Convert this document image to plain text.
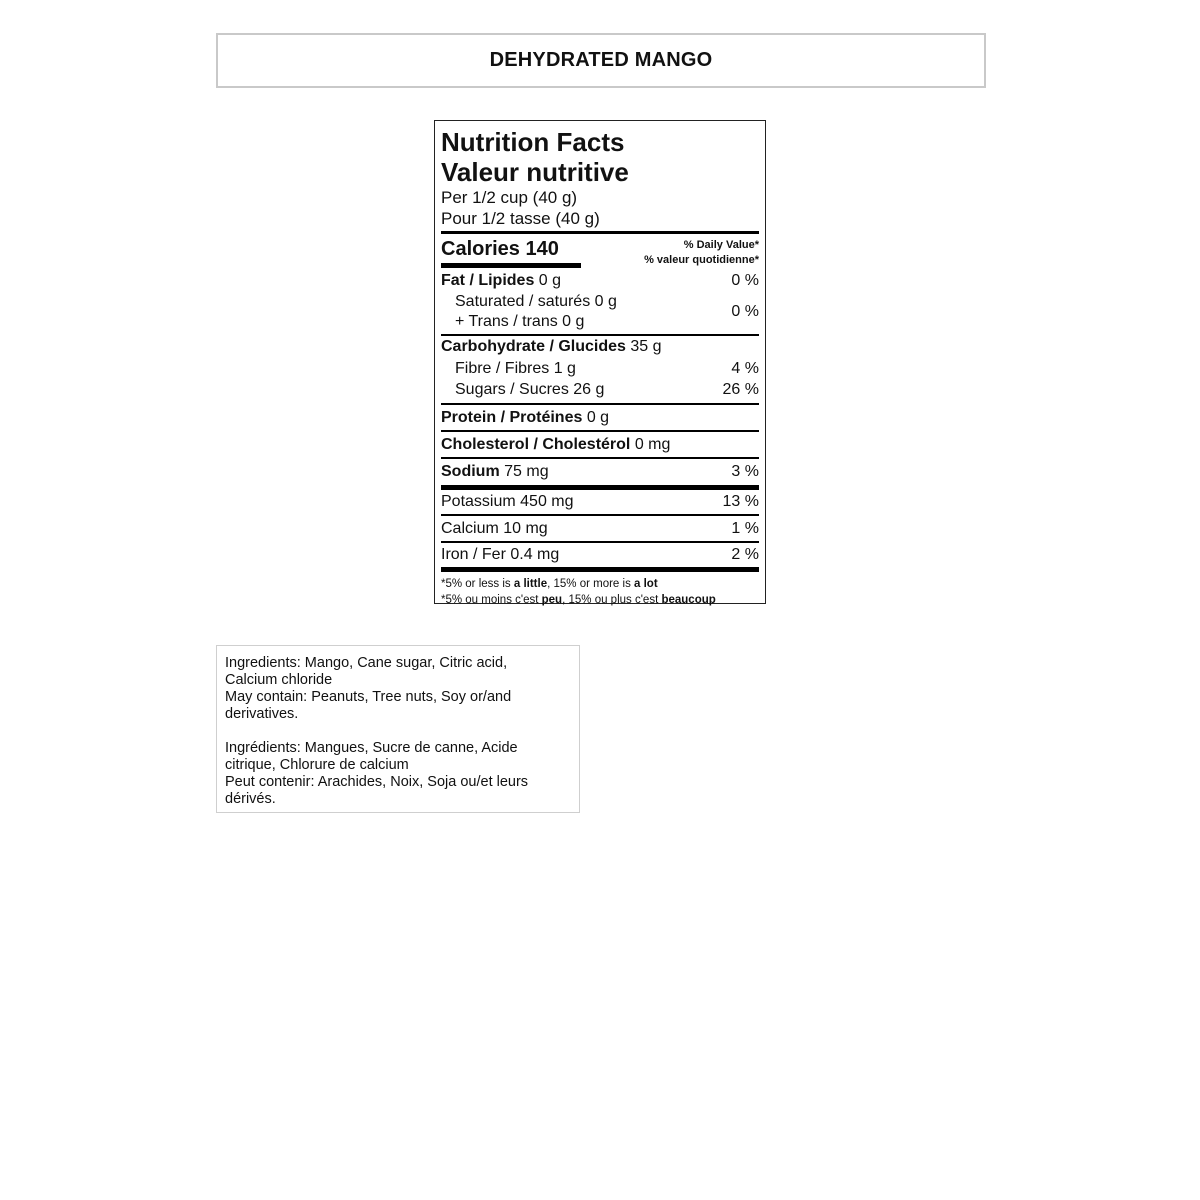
DEHYDRATED MANGO
Nutrition Facts
Valeur nutritive
Per 1/2 cup (40 g)
Pour 1/2 tasse (40 g)
Calories 140	% Daily Value*
% valeur quotidienne*
Fat / Lipides 0 g	0 %
Saturated / saturés 0 g
+ Trans / trans 0 g
0 %
Carbohydrate / Glucides 35 g
Fibre / Fibres 1 g	4 %
Sugars / Sucres 26 g	26 %
Protein / Protéines 0 g
Cholesterol / Cholestérol 0 mg
Sodium 75 mg	3 %
Potassium 450 mg	13 %
Calcium 10 mg	1 %
Iron / Fer 0.4 mg	2 %
*5% or less is a little, 15% or more is a lot
*5% ou moins c'est peu, 15% ou plus c'est beaucoup

Ingredients: Mango, Cane sugar, Citric acid,

Calcium chloride

May contain: Peanuts, Tree nuts, Soy or/and

derivatives.

Ingrédients: Mangues, Sucre de canne, Acide

citrique, Chlorure de calcium

Peut contenir: Arachides, Noix, Soja ou/et leurs

dérivés.
